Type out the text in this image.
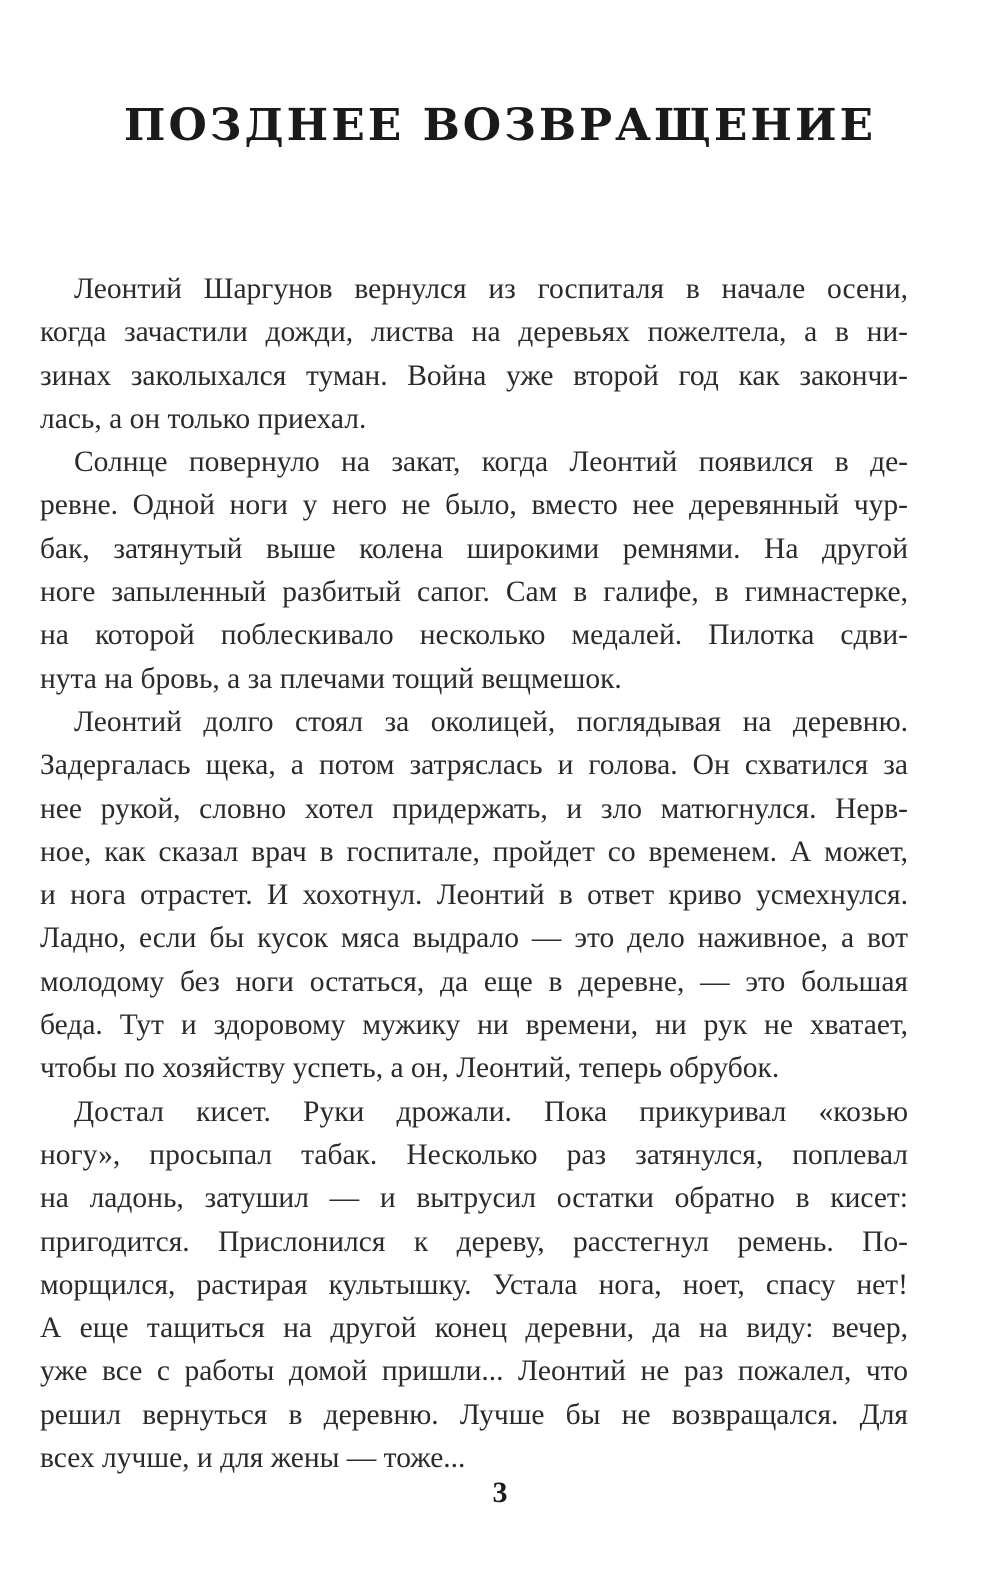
ПОЗДНЕЕ ВОЗВРАЩЕНИЕ
Леонтий Шаргунов вернулся из госпиталя в начале осени,
когда зачастили дожди, листва на деревьях пожелтела, а в ни-
зинах заколыхался туман. Война уже второй год как закончи-
лась, а он только приехал.
Солнце повернуло на закат, когда Леонтий появился в де-
ревне. Одной ноги у него не было, вместо нее деревянный чур-
бак, затянутый выше колена широкими ремнями. На другой
ноге запыленный разбитый сапог. Сам в галифе, в гимнастерке,
на которой поблескивало несколько медалей. Пилотка сдви-
нута на бровь, а за плечами тощий вещмешок.
Леонтий долго стоял за околицей, поглядывая на деревню.
Задергалась щека, а потом затряслась и голова. Он схватился за
нее рукой, словно хотел придержать, и зло матюгнулся. Нерв-
ное, как сказал врач в госпитале, пройдет со временем. А может,
и нога отрастет. И хохотнул. Леонтий в ответ криво усмехнулся.
Ладно, если бы кусок мяса выдрало — это дело наживное, а вот
молодому без ноги остаться, да еще в деревне, — это большая
беда. Тут и здоровому мужику ни времени, ни рук не хватает,
чтобы по хозяйству успеть, а он, Леонтий, теперь обрубок.
Достал кисет. Руки дрожали. Пока прикуривал «козью
ногу», просыпал табак. Несколько раз затянулся, поплевал
на ладонь, затушил — и вытрусил остатки обратно в кисет:
пригодится. Прислонился к дереву, расстегнул ремень. По-
морщился, растирая культышку. Устала нога, ноет, спасу нет!
А еще тащиться на другой конец деревни, да на виду: вечер,
уже все с работы домой пришли... Леонтий не раз пожалел, что
решил вернуться в деревню. Лучше бы не возвращался. Для
всех лучше, и для жены — тоже...
3
